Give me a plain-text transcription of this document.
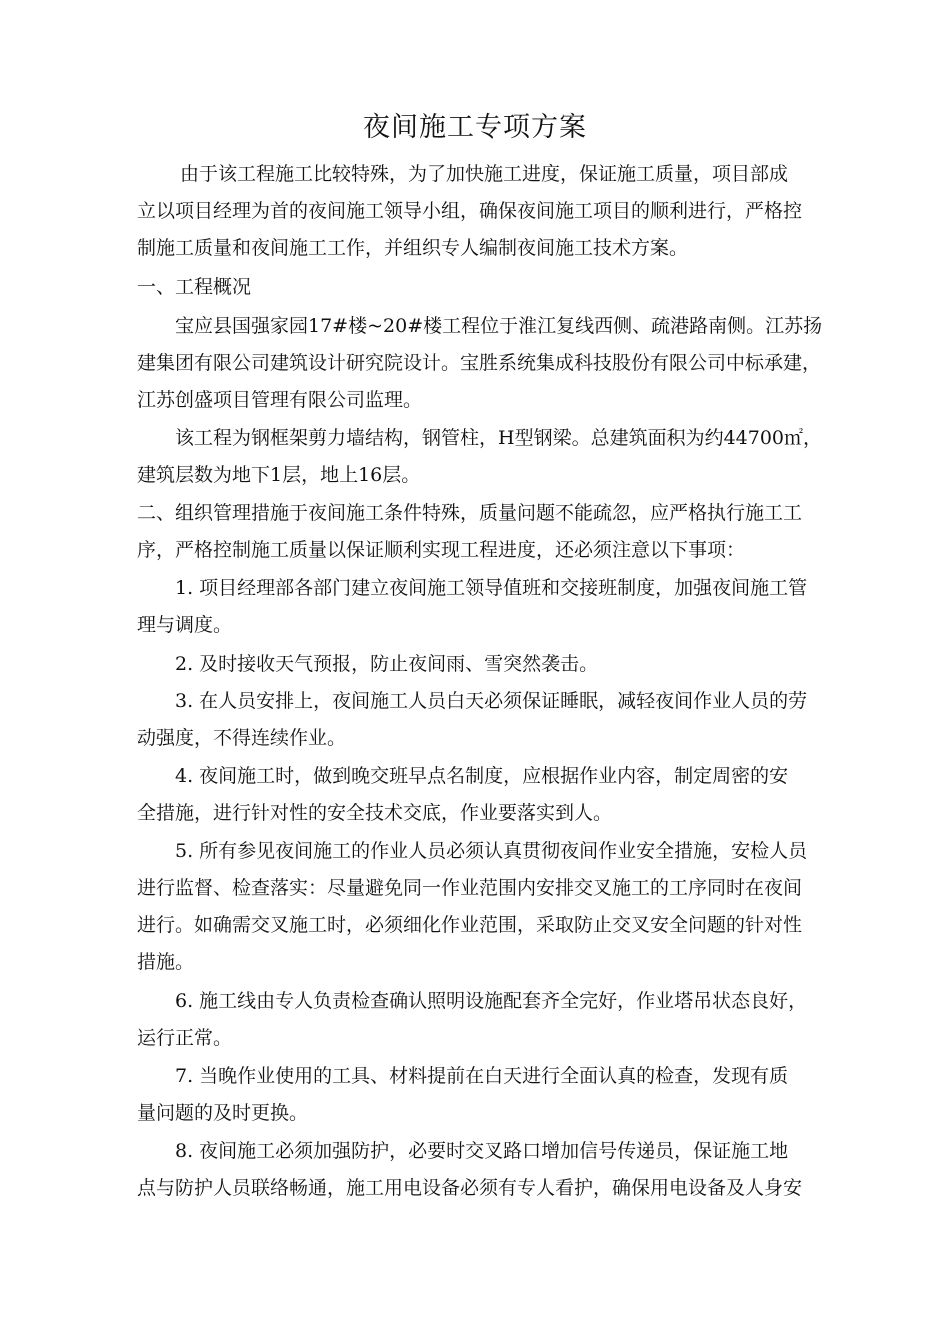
夜间施工专项方案
由于该工程施工比较特殊，为了加快施工进度，保证施工质量，项目部成
立以项目经理为首的夜间施工领导小组，确保夜间施工项目的顺利进行，严格控
制施工质量和夜间施工工作，并组织专人编制夜间施工技术方案。
一、工程概况
宝应县国强家园17#楼~20#楼工程位于淮江复线西侧、疏港路南侧。江苏扬
建集团有限公司建筑设计研究院设计。宝胜系统集成科技股份有限公司中标承建，
江苏创盛项目管理有限公司监理。
该工程为钢框架剪力墙结构，钢管柱，H型钢梁。总建筑面积为约44700㎡，
建筑层数为地下1层，地上16层。
二、组织管理措施于夜间施工条件特殊，质量问题不能疏忽，应严格执行施工工
序，严格控制施工质量以保证顺利实现工程进度，还必须注意以下事项：
1. 项目经理部各部门建立夜间施工领导值班和交接班制度，加强夜间施工管
理与调度。
2. 及时接收天气预报，防止夜间雨、雪突然袭击。
3. 在人员安排上，夜间施工人员白天必须保证睡眠，减轻夜间作业人员的劳
动强度，不得连续作业。
4. 夜间施工时，做到晚交班早点名制度，应根据作业内容，制定周密的安
全措施，进行针对性的安全技术交底，作业要落实到人。
5. 所有参见夜间施工的作业人员必须认真贯彻夜间作业安全措施，安检人员
进行监督、检查落实：尽量避免同一作业范围内安排交叉施工的工序同时在夜间
进行。如确需交叉施工时，必须细化作业范围，采取防止交叉安全问题的针对性
措施。
6. 施工线由专人负责检查确认照明设施配套齐全完好，作业塔吊状态良好，
运行正常。
7. 当晚作业使用的工具、材料提前在白天进行全面认真的检查，发现有质
量问题的及时更换。
8. 夜间施工必须加强防护，必要时交叉路口增加信号传递员，保证施工地
点与防护人员联络畅通，施工用电设备必须有专人看护，确保用电设备及人身安
